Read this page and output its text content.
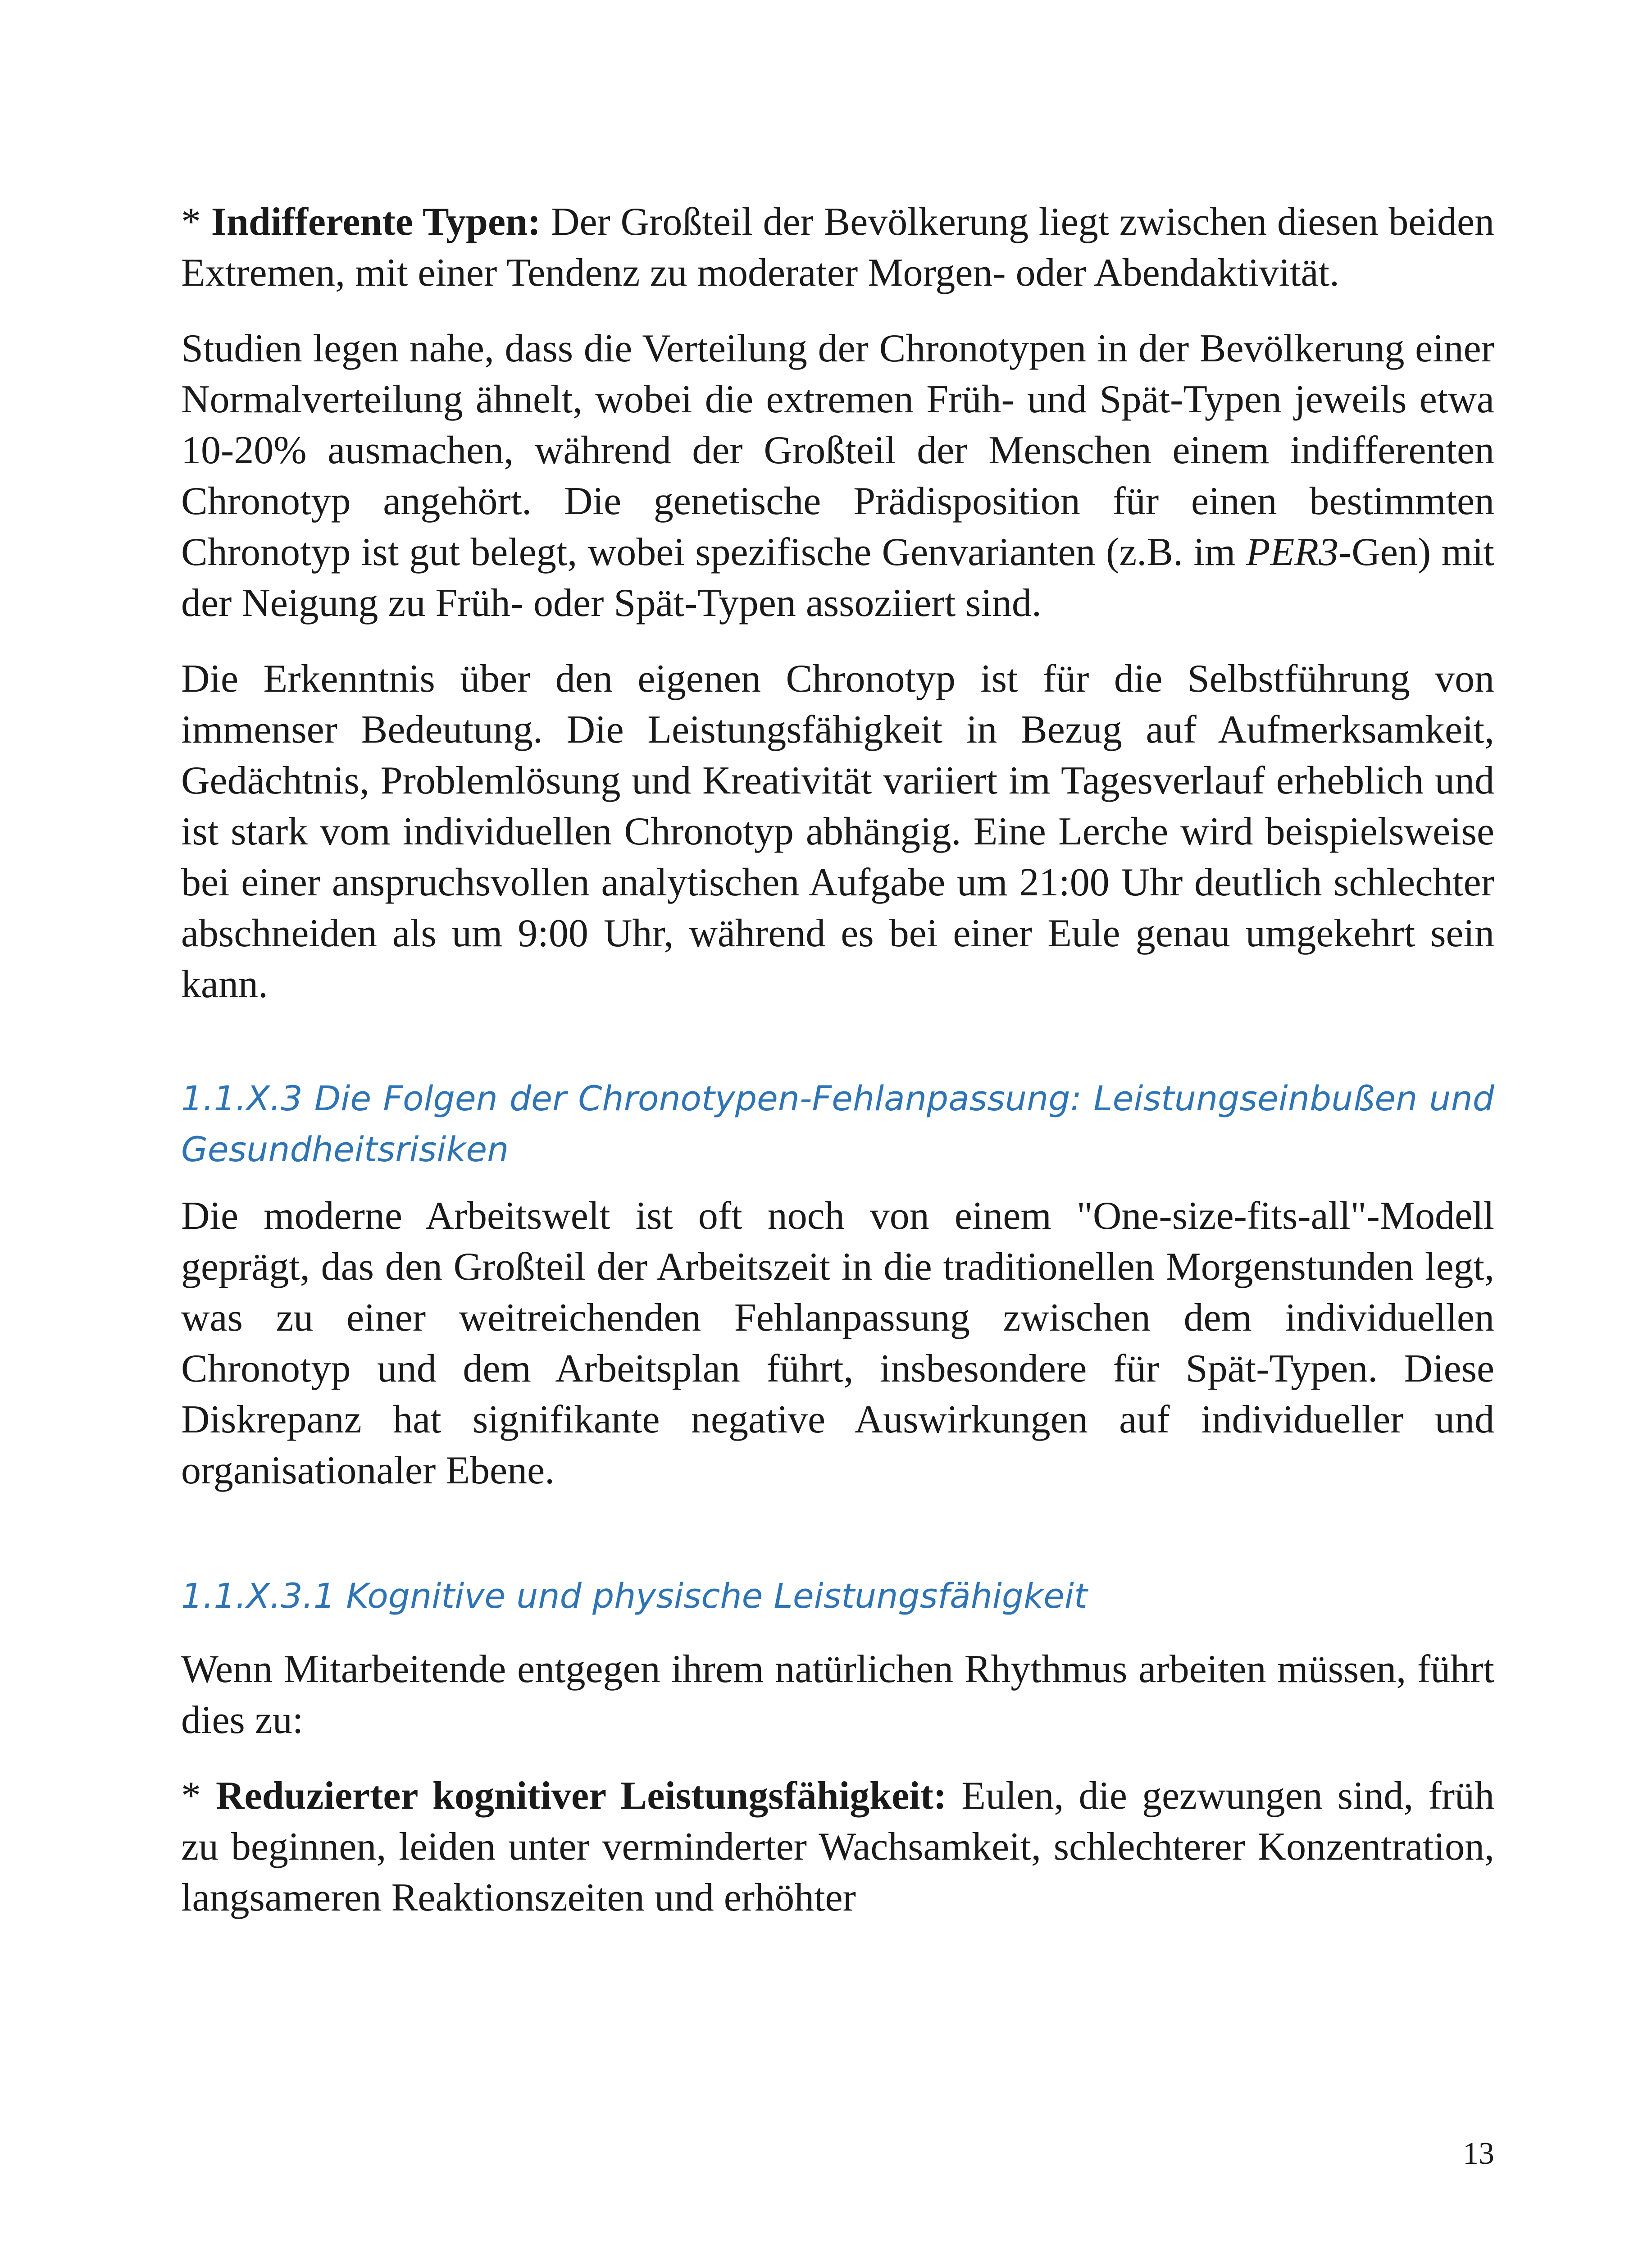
* Indifferente Typen: Der Großteil der Bevölkerung liegt zwischen diesen beiden Extremen, mit einer Tendenz zu moderater Morgen- oder Abendaktivität.

Studien legen nahe, dass die Verteilung der Chronotypen in der Bevölkerung einer Normalverteilung ähnelt, wobei die extremen Früh- und Spät-Typen jeweils etwa 10-20% ausmachen, während der Großteil der Menschen einem indifferenten Chronotyp angehört. Die genetische Prädisposition für einen bestimmten Chronotyp ist gut belegt, wobei spezifische Genvarianten (z.B. im PER3-Gen) mit der Neigung zu Früh- oder Spät-Typen assoziiert sind.

Die Erkenntnis über den eigenen Chronotyp ist für die Selbstführung von immenser Bedeutung. Die Leistungsfähigkeit in Bezug auf Aufmerksamkeit, Gedächtnis, Problemlösung und Kreativität variiert im Tagesverlauf erheblich und ist stark vom individuellen Chronotyp abhängig. Eine Lerche wird beispielsweise bei einer anspruchsvollen analytischen Aufgabe um 21:00 Uhr deutlich schlechter abschneiden als um 9:00 Uhr, während es bei einer Eule genau umgekehrt sein kann.

1.1.X.3 Die Folgen der Chronotypen-Fehlanpassung: Leistungseinbußen und Gesundheitsrisiken

Die moderne Arbeitswelt ist oft noch von einem "One-size-fits-all"-Modell geprägt, das den Großteil der Arbeitszeit in die traditionellen Morgenstunden legt, was zu einer weitreichenden Fehlanpassung zwischen dem individuellen Chronotyp und dem Arbeitsplan führt, insbesondere für Spät-Typen. Diese Diskrepanz hat signifikante negative Auswirkungen auf individueller und organisationaler Ebene.

1.1.X.3.1 Kognitive und physische Leistungsfähigkeit

Wenn Mitarbeitende entgegen ihrem natürlichen Rhythmus arbeiten müssen, führt dies zu:

* Reduzierter kognitiver Leistungsfähigkeit: Eulen, die gezwungen sind, früh zu beginnen, leiden unter verminderter Wachsamkeit, schlechterer Konzentration, langsameren Reaktionszeiten und erhöhter

13
